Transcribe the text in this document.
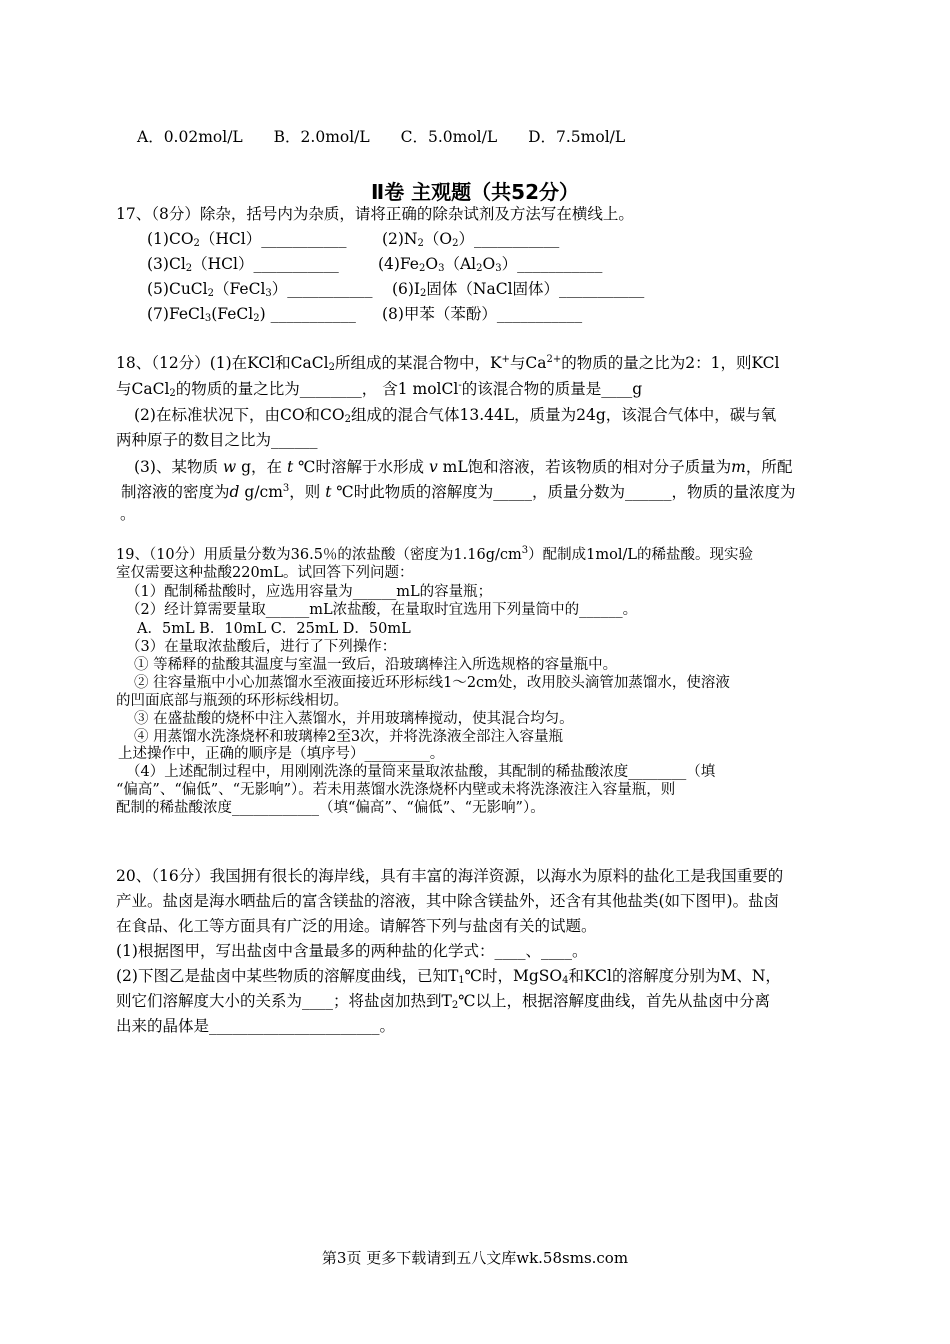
A．0.02mol/L B．2.0mol/L C．5.0mol/L D．7.5mol/L
Ⅱ卷 主观题（共52分）
17、（8分）除杂，括号内为杂质，请将正确的除杂试剂及方法写在横线上。
$(1)CO_2(HCl)\_\_\_\_\_\_\_\_\_\_\_$ $(2)N_2(O_2)\_\_\_\_\_\_\_\_\_\_\_$
$(3)Cl_2(HCl)\_\_\_\_\_\_\_\_\_\_\_$	$(4)Fe_2O_3(Al_2O_3)\_\_\_\_\_\_\_\_\_\_\_$
(5)CuCl$_2$（FeCl$_3$）___________ $(6)I_2$固体（NaCl固体）___________
(7)FeCl$_3$(FeCl$_2$) ___________ (8)甲苯（苯酚）___________
18、（12分）(1)在KCl和CaCl$_2$所组成的某混合物中，K+与$Ca^{2+}$的物质的量之比为2：1，则KCl
与CaCl$_2$的物质的量之比为________， 含1 molCl-的该混合物的质量是____g
(2)在标准状况下，由CO和$CO_2$组成的混合气体13.44L，质量为24g，该混合气体中，碳与氧
两种原子的数目之比为______
(3)、某物质 w g，在 t ℃时溶解于水形成 v mL饱和溶液，若该物质的相对分子质量为m，所配
制溶液的密度为d $g/cm^3$，则 t ℃时此物质的溶解度为_____，质量分数为______，物质的量浓度为
。
19、（10分）用质量分数为36.5％的浓盐酸（密度为$1.16g/cm^3$）配制成1mol/L的稀盐酸。现实验
室仅需要这种盐酸220mL。试回答下列问题：
（1）配制稀盐酸时，应选用容量为______mL的容量瓶；
（2）经计算需要量取______mL浓盐酸，在量取时宜选用下列量筒中的______。
A．5mL B．10mL C．25mL D．50mL
（3）在量取浓盐酸后，进行了下列操作：
① 等稀释的盐酸其温度与室温一致后，沿玻璃棒注入所选规格的容量瓶中。
② 往容量瓶中小心加蒸馏水至液面接近环形标线1～2cm处，改用胶头滴管加蒸馏水，使溶液
的凹面底部与瓶颈的环形标线相切。
③ 在盛盐酸的烧杯中注入蒸馏水，并用玻璃棒搅动，使其混合均匀。
④ 用蒸馏水洗涤烧杯和玻璃棒2至3次，并将洗涤液全部注入容量瓶
上述操作中，正确的顺序是（填序号）_________。
（4）上述配制过程中，用刚刚洗涤的量筒来量取浓盐酸，其配制的稀盐酸浓度________（填
“偏高”、“偏低”、“无影响”）。若未用蒸馏水洗涤烧杯内壁或未将洗涤液注入容量瓶，则
配制的稀盐酸浓度____________（填“偏高”、“偏低”、“无影响”）。
20、（16分）我国拥有很长的海岸线，具有丰富的海洋资源，以海水为原料的盐化工是我国重要的
产业。盐卤是海水晒盐后的富含镁盐的溶液，其中除含镁盐外，还含有其他盐类(如下图甲)。盐卤
在食品、化工等方面具有广泛的用途。请解答下列与盐卤有关的试题。
(1)根据图甲，写出盐卤中含量最多的两种盐的化学式：____、____。
(2)下图乙是盐卤中某些物质的溶解度曲线，已知$T_1℃$时，MgSO$_4$和KCl的溶解度分别为M、N，
则它们溶解度大小的关系为____；将盐卤加热到$T_2℃$以上，根据溶解度曲线，首先从盐卤中分离
出来的晶体是______________________。
第3页 更多下载请到五八文库wk.58sms.com
